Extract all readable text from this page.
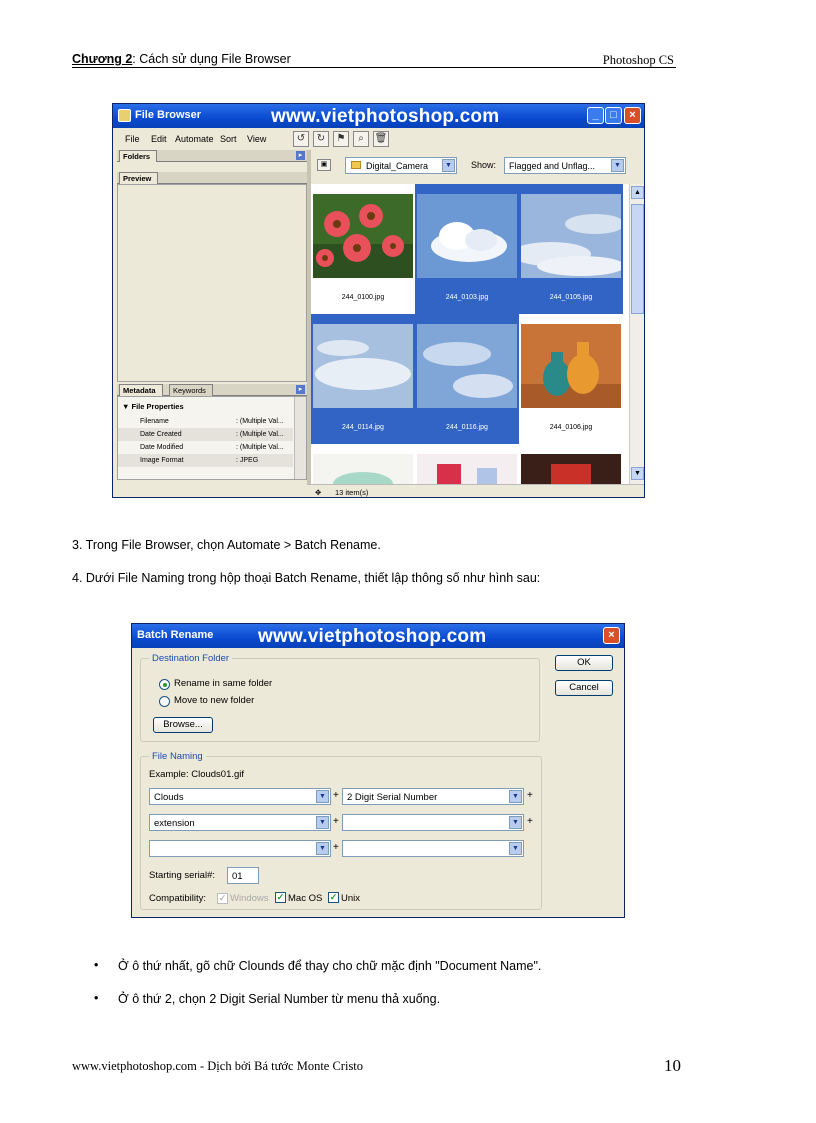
Chương 2: Cách sử dụng File Browser	Photoshop CS
File Browser	www.vietphotoshop.com	_	□	×
File Edit Automate Sort View	↺	↻	⚑	⌕	🗑
Folders	▸
Preview
Metadata	Keywords	▸
▼ File Properties
Filename	: (Multiple Val...
Date Created	: (Multiple Val...
Date Modified	: (Multiple Val...
Image Format	: JPEG
▣	Digital_Camera	▼	Show: Flagged and Unflag...	▼
244_0100.jpg	244_0103.jpg	244_0105.jpg
244_0114.jpg	244_0116.jpg	244_0106.jpg
▲
▼
✥ 13 item(s)
3. Trong File Browser, chọn Automate > Batch Rename.
4. Dưới File Naming trong hộp thoại Batch Rename, thiết lập thông số như hình sau:
Batch Rename www.vietphotoshop.com	×
Destination Folder
Rename in same folder
Move to new folder
Browse...
OK
Cancel
File Naming
Example: Clouds01.gif
Clouds	▼ + 2 Digit Serial Number	▼ +
extension	▼ +	▼ +
▼ +	▼
Starting serial#: 01
Compatibility: ✓ Windows ✓ Mac OS ✓ Unix
• Ở ô thứ nhất, gõ chữ Clounds để thay cho chữ mặc định "Document Name".
• Ở ô thứ 2, chọn 2 Digit Serial Number từ menu thả xuống.
www.vietphotoshop.com - Dịch bởi Bá tước Monte Cristo	10
